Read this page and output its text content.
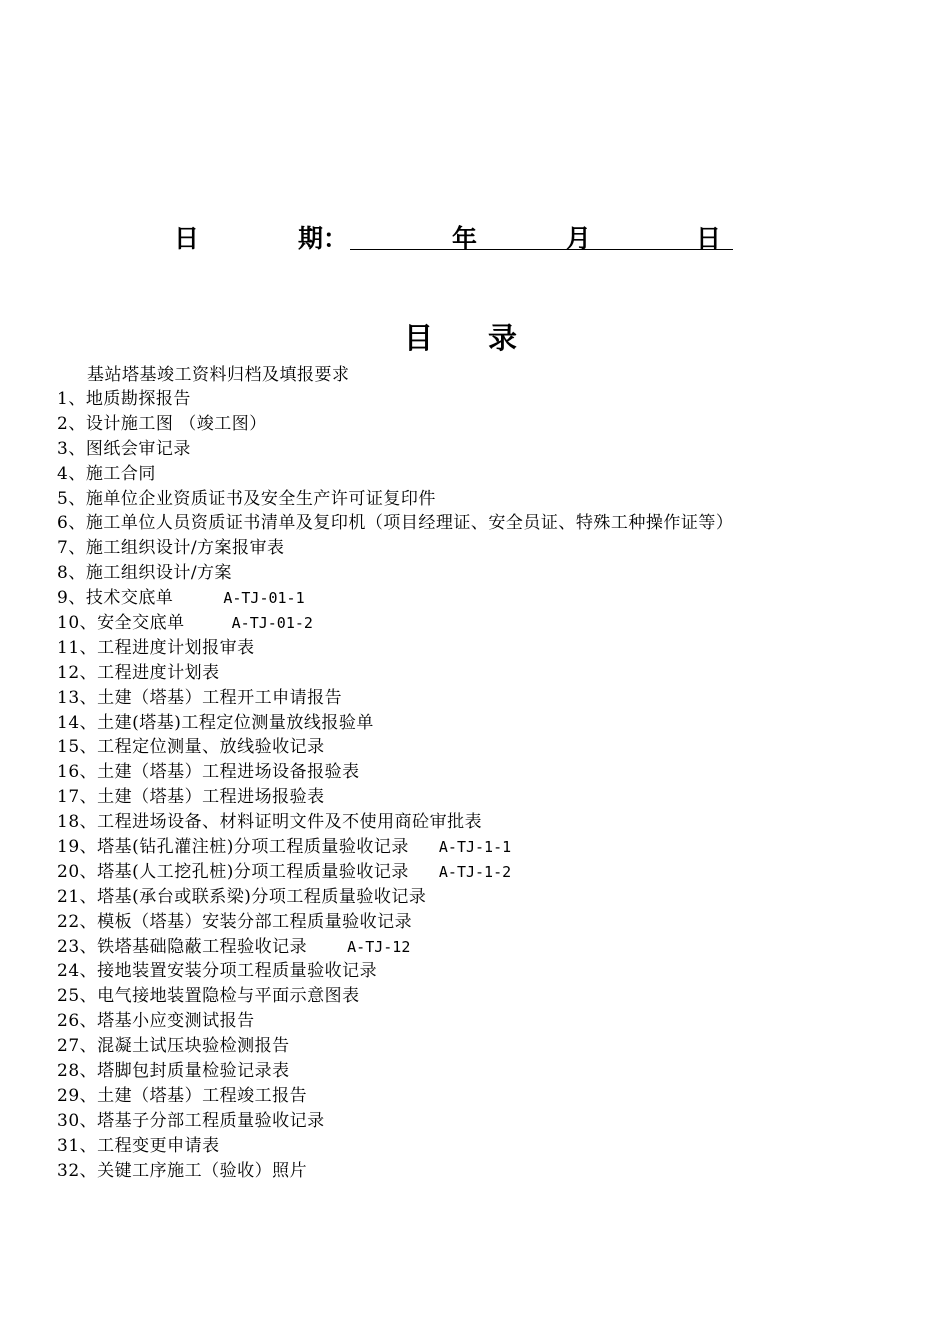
日	期：	年	月	日
目 录
基站塔基竣工资料归档及填报要求
1、地质勘探报告
2、设计施工图 （竣工图）
3、图纸会审记录
4、施工合同
5、施单位企业资质证书及安全生产许可证复印件
6、施工单位人员资质证书清单及复印机（项目经理证、安全员证、特殊工种操作证等）
7、施工组织设计/方案报审表
8、施工组织设计/方案
9、技术交底单	A-TJ-01-1
10、安全交底单	A-TJ-01-2
11、工程进度计划报审表
12、工程进度计划表
13、土建（塔基）工程开工申请报告
14、土建(塔基)工程定位测量放线报验单
15、工程定位测量、放线验收记录
16、土建（塔基）工程进场设备报验表
17、土建（塔基）工程进场报验表
18、工程进场设备、材料证明文件及不使用商砼审批表
19、塔基(钻孔灌注桩)分项工程质量验收记录 A-TJ-1-1
20、塔基(人工挖孔桩)分项工程质量验收记录 A-TJ-1-2
21、塔基(承台或联系梁)分项工程质量验收记录
22、模板（塔基）安装分部工程质量验收记录
23、铁塔基础隐蔽工程验收记录	A-TJ-12
24、接地装置安装分项工程质量验收记录
25、电气接地装置隐检与平面示意图表
26、塔基小应变测试报告
27、混凝土试压块验检测报告
28、塔脚包封质量检验记录表
29、土建（塔基）工程竣工报告
30、塔基子分部工程质量验收记录
31、工程变更申请表
32、关键工序施工（验收）照片
